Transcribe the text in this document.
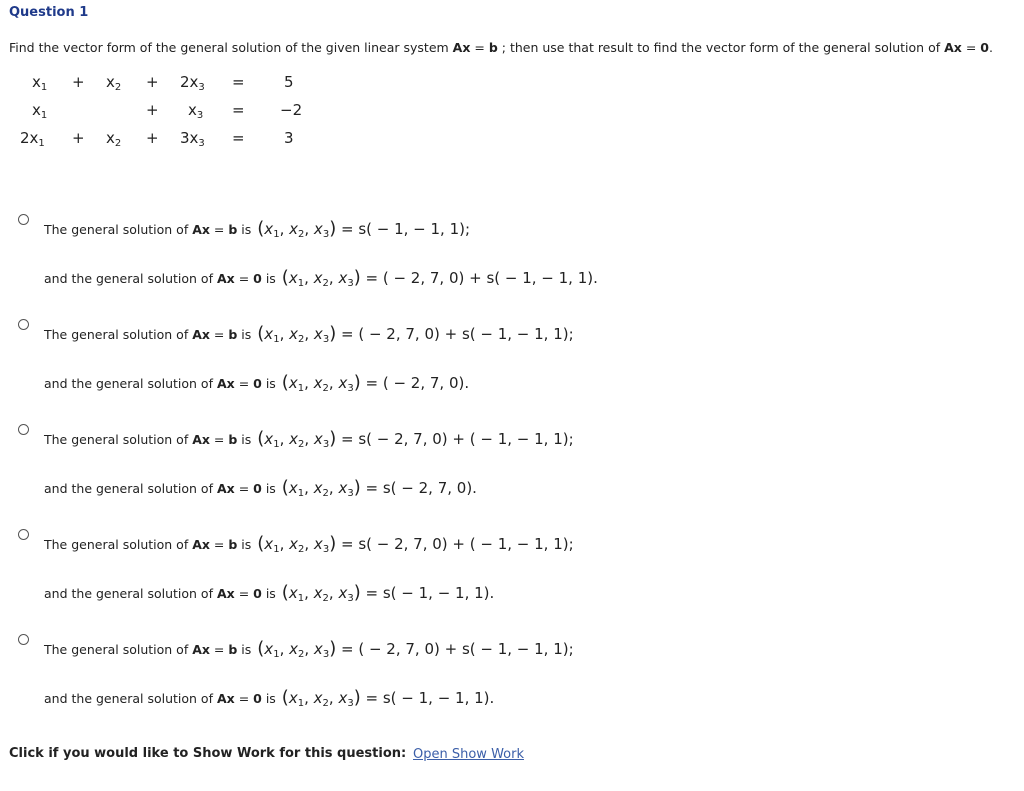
Question 1
Find the vector form of the general solution of the given linear system Ax = b ; then use that result to find the vector form of the general solution of Ax = 0.
$x_1 + x_2 + 2x_3$ =	5
$x_1$	+ $x_3 = -2$
$2x_1 + x_2 + 3x_3$ =	3
The general solution of Ax = b is ($x_1$, $x_2$, $x_3) = s( - 1$, − 1, 1);
and the general solution of Ax = 0 is ($x_1$, $x_2$, $x_3$) = ( − 2, 7, 0) + s( − 1, − 1, 1).
The general solution of Ax = b is ($x_1$, $x_2$, $x_3$) = ( − 2, 7, 0) + s( − 1, − 1, 1);
and the general solution of Ax = 0 is ($x_1$, $x_2$, $x_3$) = ( − 2, 7, 0).
The general solution of Ax = b is ($x_1$, $x_2$, $x_3) = s( - 2$, 7, 0) + ( − 1, − 1, 1);
and the general solution of Ax = 0 is ($x_1$, $x_2$, $x_3) = s( - 2$, 7, 0).
The general solution of Ax = b is ($x_1$, $x_2$, $x_3) = s( - 2$, 7, 0) + ( − 1, − 1, 1);
and the general solution of Ax = 0 is ($x_1$, $x_2$, $x_3) = s( - 1$, − 1, 1).
The general solution of Ax = b is ($x_1$, $x_2$, $x_3$) = ( − 2, 7, 0) + s( − 1, − 1, 1);
and the general solution of Ax = 0 is ($x_1$, $x_2$, $x_3) = s( - 1$, − 1, 1).
Click if you would like to Show Work for this question: Open Show Work
